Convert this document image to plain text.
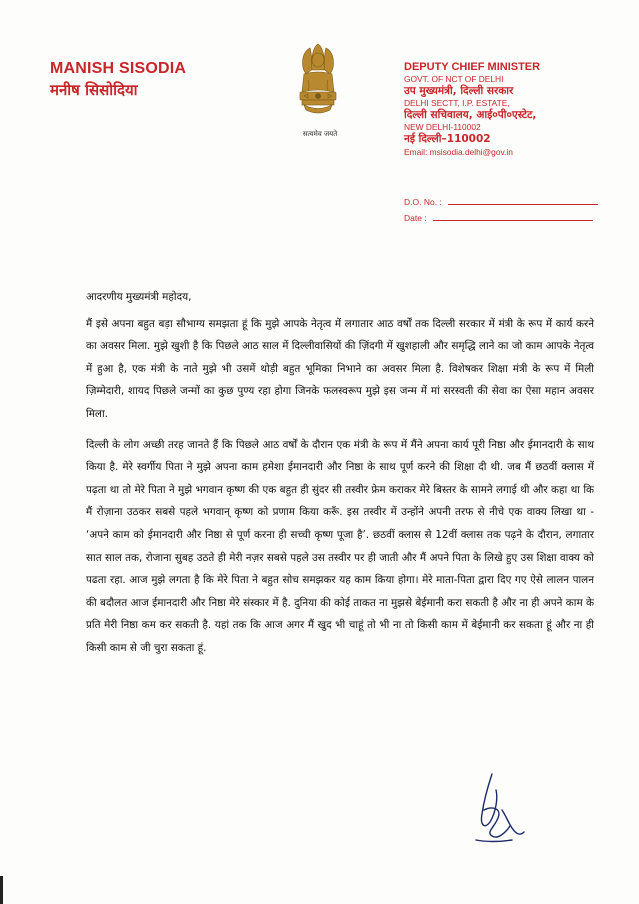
MANISH SISODIA
मनीष सिसोदिया
सत्यमेव जयते
DEPUTY CHIEF MINISTER
GOVT. OF NCT OF DELHI
उप मुख्यमंत्री, दिल्ली सरकार
DELHI SECTT, I.P. ESTATE,
दिल्ली सचिवालय, आई०पी०एस्टेट,
NEW DELHI-110002
नई दिल्ली–110002
Email: msisodia.delhi@gov.in
D.O. No. :
Date :

आदरणीय मुख्यमंत्री महोदय,

मैं इसे अपना बहुत बड़ा सौभाग्य समझता हूं कि मुझे आपके नेतृत्व में लगातार आठ वर्षों तक दिल्ली सरकार में मंत्री के रूप में कार्य करने का अवसर मिला. मुझे खुशी है कि पिछले आठ साल में दिल्लीवासियों की ज़िंदगी में खुशहाली और समृद्धि लाने का जो काम आपके नेतृत्व में हुआ है, एक मंत्री के नाते मुझे भी उसमें थोड़ी बहुत भूमिका निभाने का अवसर मिला है. विशेषकर शिक्षा मंत्री के रूप में मिली ज़िम्मेदारी, शायद पिछले जन्मों का कुछ पुण्य रहा होगा जिनके फलस्वरूप मुझे इस जन्म में मां सरस्वती की सेवा का ऐसा महान अवसर मिला.

दिल्ली के लोग अच्छी तरह जानते हैं कि पिछले आठ वर्षों के दौरान एक मंत्री के रूप में मैंने अपना कार्य पूरी निष्ठा और ईमानदारी के साथ किया है. मेरे स्वर्गीय पिता ने मुझे अपना काम हमेशा ईमानदारी और निष्ठा के साथ पूर्ण करने की शिक्षा दी थी. जब मैं छठवीं क्लास में पढ़ता था तो मेरे पिता ने मुझे भगवान कृष्ण की एक बहुत ही सुंदर सी तस्वीर फ्रेम कराकर मेरे बिस्तर के सामने लगाई थी और कहा था कि मैं रोज़ाना उठकर सबसे पहले भगवान् कृष्ण को प्रणाम किया करूँ. इस तस्वीर में उन्होंने अपनी तरफ से नीचे एक वाक्य लिखा था - ‘अपने काम को ईमानदारी और निष्ठा से पूर्ण करना ही सच्ची कृष्ण पूजा है’. छठवीं क्लास से 12वीं क्लास तक पढ़ने के दौरान, लगातार सात साल तक, रोजाना सुबह उठते ही मेरी नज़र सबसे पहले उस तस्वीर पर ही जाती और मैं अपने पिता के लिखे हुए उस शिक्षा वाक्य को पढता रहा. आज मुझे लगता है कि मेरे पिता ने बहुत सोच समझकर यह काम किया होगा। मेरे माता-पिता द्वारा दिए गए ऐसे लालन पालन की बदौलत आज ईमानदारी और निष्ठा मेरे संस्कार में है. दुनिया की कोई ताकत ना मुझसे बेईमानी करा सकती है और ना ही अपने काम के प्रति मेरी निष्ठा कम कर सकती है. यहां तक कि आज अगर मैं खुद भी चाहूं तो भी ना तो किसी काम में बेईमानी कर सकता हूं और ना ही किसी काम से जी चुरा सकता हूं.
